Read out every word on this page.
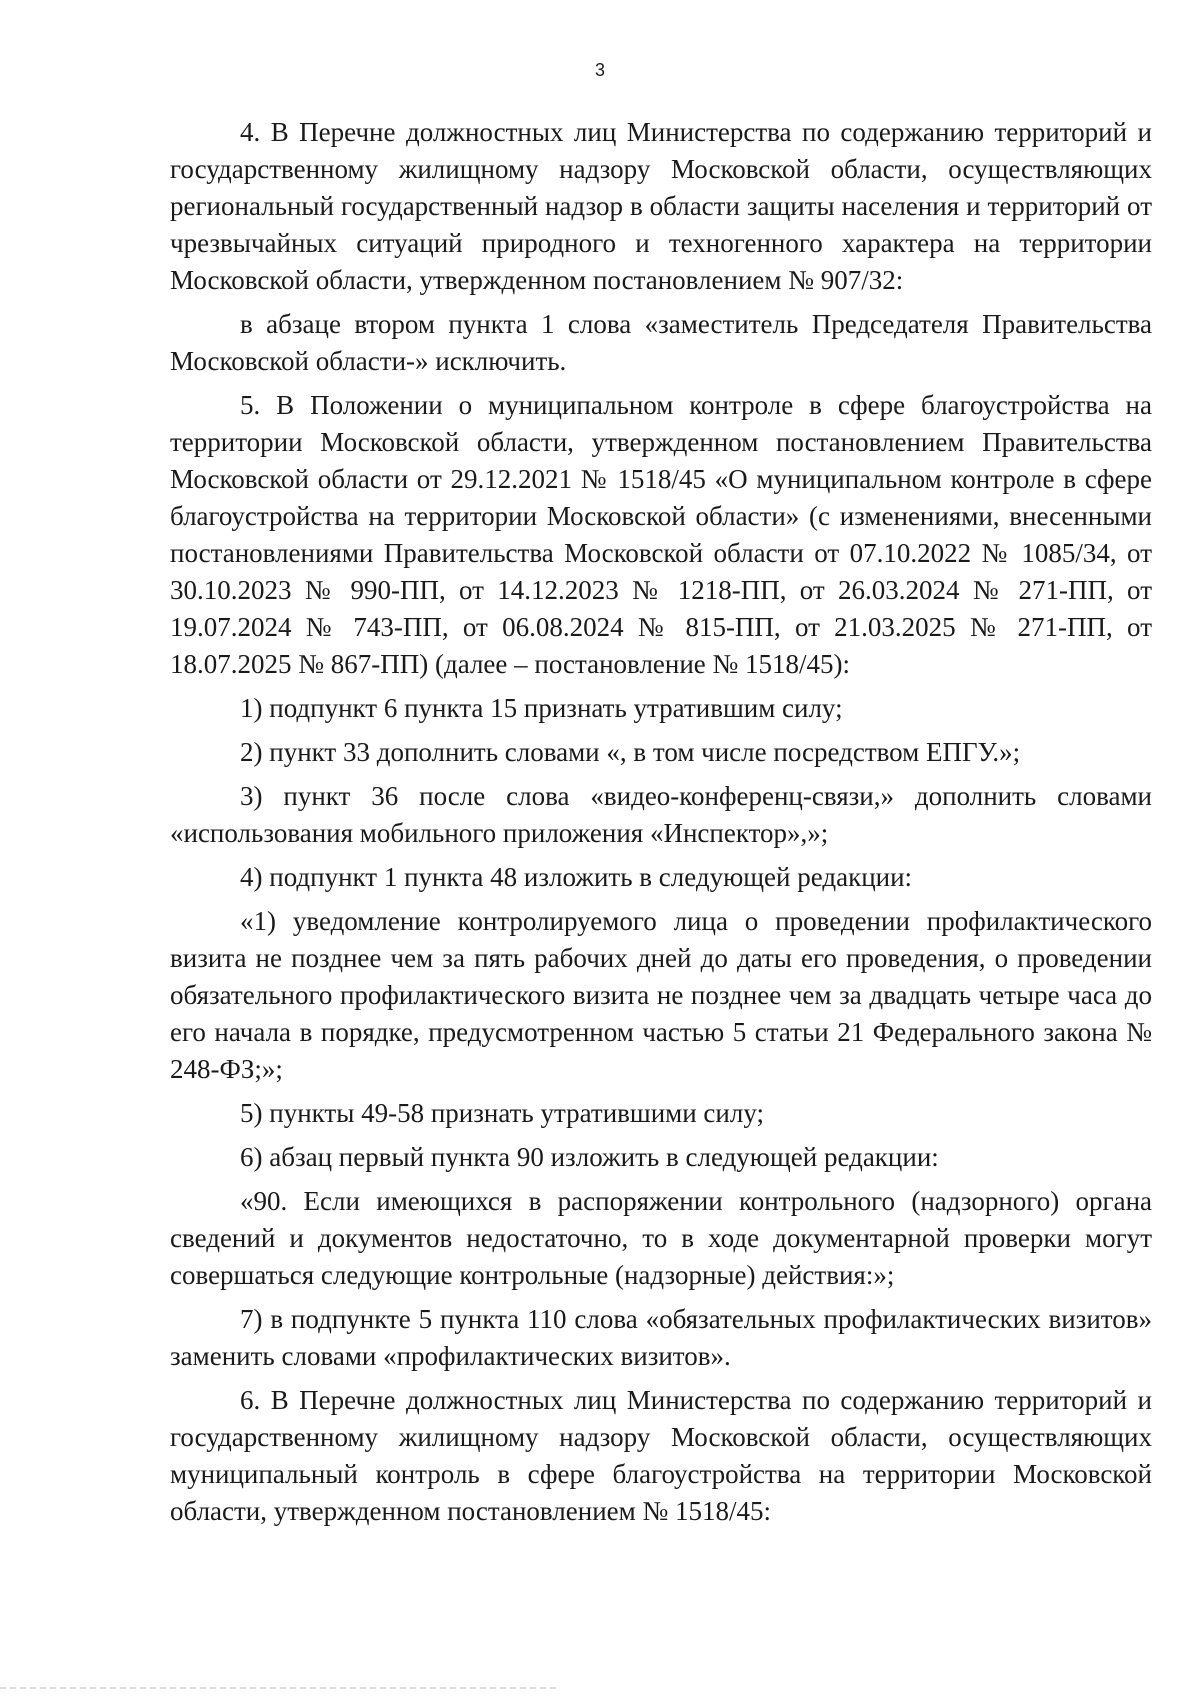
3

4. В Перечне должностных лиц Министерства по содержанию территорий и государственному жилищному надзору Московской области, осуществляющих региональный государственный надзор в области защиты населения и территорий от чрезвычайных ситуаций природного и техногенного характера на территории Московской области, утвержденном постановлением № 907/32:

в абзаце втором пункта 1 слова «заместитель Председателя Правительства Московской области-» исключить.

5. В Положении о муниципальном контроле в сфере благоустройства на территории Московской области, утвержденном постановлением Правительства Московской области от 29.12.2021 № 1518/45 «О муниципальном контроле в сфере благоустройства на территории Московской области» (с изменениями, внесенными постановлениями Правительства Московской области от 07.10.2022 № 1085/34, от 30.10.2023 № 990-ПП, от 14.12.2023 № 1218-ПП, от 26.03.2024 № 271-ПП, от 19.07.2024 № 743-ПП, от 06.08.2024 № 815-ПП, от 21.03.2025 № 271-ПП, от 18.07.2025 № 867-ПП) (далее – постановление № 1518/45):

1) подпункт 6 пункта 15 признать утратившим силу;

2) пункт 33 дополнить словами «, в том числе посредством ЕПГУ.»;

3) пункт 36 после слова «видео-конференц-связи,» дополнить словами «использования мобильного приложения «Инспектор»,»;

4) подпункт 1 пункта 48 изложить в следующей редакции:

«1) уведомление контролируемого лица о проведении профилактического визита не позднее чем за пять рабочих дней до даты его проведения, о проведении обязательного профилактического визита не позднее чем за двадцать четыре часа до его начала в порядке, предусмотренном частью 5 статьи 21 Федерального закона № 248-ФЗ;»;

5) пункты 49-58 признать утратившими силу;

6) абзац первый пункта 90 изложить в следующей редакции:

«90. Если имеющихся в распоряжении контрольного (надзорного) органа сведений и документов недостаточно, то в ходе документарной проверки могут совершаться следующие контрольные (надзорные) действия:»;

7) в подпункте 5 пункта 110 слова «обязательных профилактических визитов» заменить словами «профилактических визитов».

6. В Перечне должностных лиц Министерства по содержанию территорий и государственному жилищному надзору Московской области, осуществляющих муниципальный контроль в сфере благоустройства на территории Московской области, утвержденном постановлением № 1518/45:
